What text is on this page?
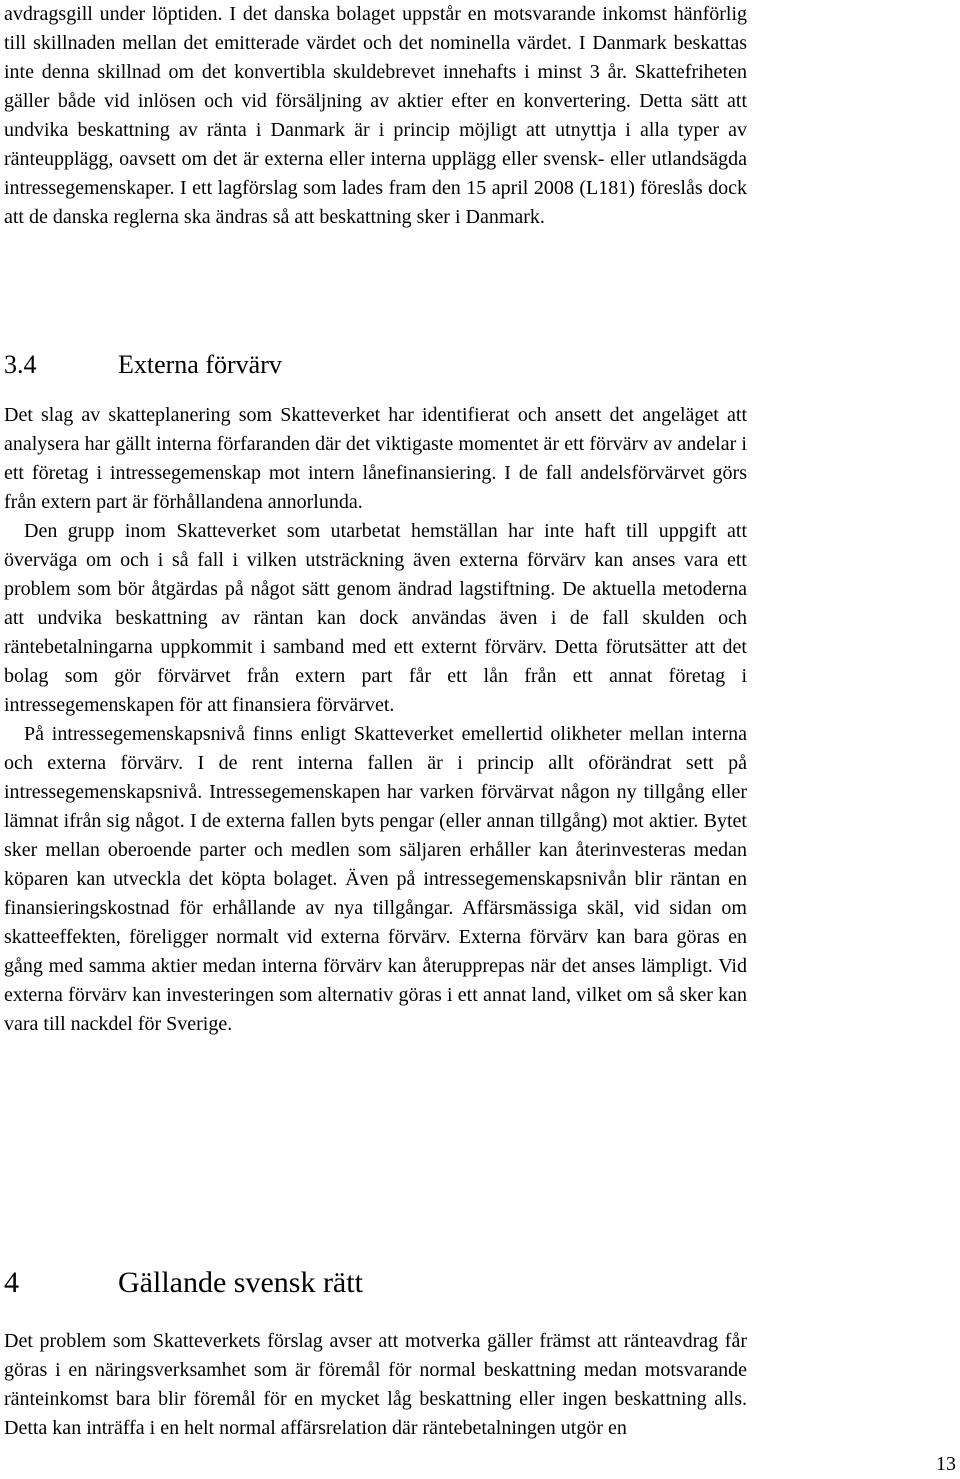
avdragsgill under löptiden. I det danska bolaget uppstår en motsvarande inkomst hänförlig till skillnaden mellan det emitterade värdet och det nominella värdet. I Danmark beskattas inte denna skillnad om det konvertibla skuldebrevet innehafts i minst 3 år. Skattefriheten gäller både vid inlösen och vid försäljning av aktier efter en konvertering. Detta sätt att undvika beskattning av ränta i Danmark är i princip möjligt att utnyttja i alla typer av ränteupplägg, oavsett om det är externa eller interna upplägg eller svensk- eller utlandsägda intressegemenskaper. I ett lagförslag som lades fram den 15 april 2008 (L181) föreslås dock att de danska reglerna ska ändras så att beskattning sker i Danmark.

3.4	Externa förvärv

Det slag av skatteplanering som Skatteverket har identifierat och ansett det angeläget att analysera har gällt interna förfaranden där det viktigaste momentet är ett förvärv av andelar i ett företag i intressegemenskap mot intern lånefinansiering. I de fall andelsförvärvet görs från extern part är förhållandena annorlunda.

Den grupp inom Skatteverket som utarbetat hemställan har inte haft till uppgift att överväga om och i så fall i vilken utsträckning även externa förvärv kan anses vara ett problem som bör åtgärdas på något sätt genom ändrad lagstiftning. De aktuella metoderna att undvika beskattning av räntan kan dock användas även i de fall skulden och räntebetalningarna uppkommit i samband med ett externt förvärv. Detta förutsätter att det bolag som gör förvärvet från extern part får ett lån från ett annat företag i intressegemenskapen för att finansiera förvärvet.

På intressegemenskapsnivå finns enligt Skatteverket emellertid olikheter mellan interna och externa förvärv. I de rent interna fallen är i princip allt oförändrat sett på intressegemenskapsnivå. Intressegemenskapen har varken förvärvat någon ny tillgång eller lämnat ifrån sig något. I de externa fallen byts pengar (eller annan tillgång) mot aktier. Bytet sker mellan oberoende parter och medlen som säljaren erhåller kan återinvesteras medan köparen kan utveckla det köpta bolaget. Även på intressegemenskapsnivån blir räntan en finansieringskostnad för erhållande av nya tillgångar. Affärsmässiga skäl, vid sidan om skatteeffekten, föreligger normalt vid externa förvärv. Externa förvärv kan bara göras en gång med samma aktier medan interna förvärv kan återupprepas när det anses lämpligt. Vid externa förvärv kan investeringen som alternativ göras i ett annat land, vilket om så sker kan vara till nackdel för Sverige.

4	Gällande svensk rätt

Det problem som Skatteverkets förslag avser att motverka gäller främst att ränteavdrag får göras i en näringsverksamhet som är föremål för normal beskattning medan motsvarande ränteinkomst bara blir föremål för en mycket låg beskattning eller ingen beskattning alls. Detta kan inträffa i en helt normal affärsrelation där räntebetalningen utgör en

13
